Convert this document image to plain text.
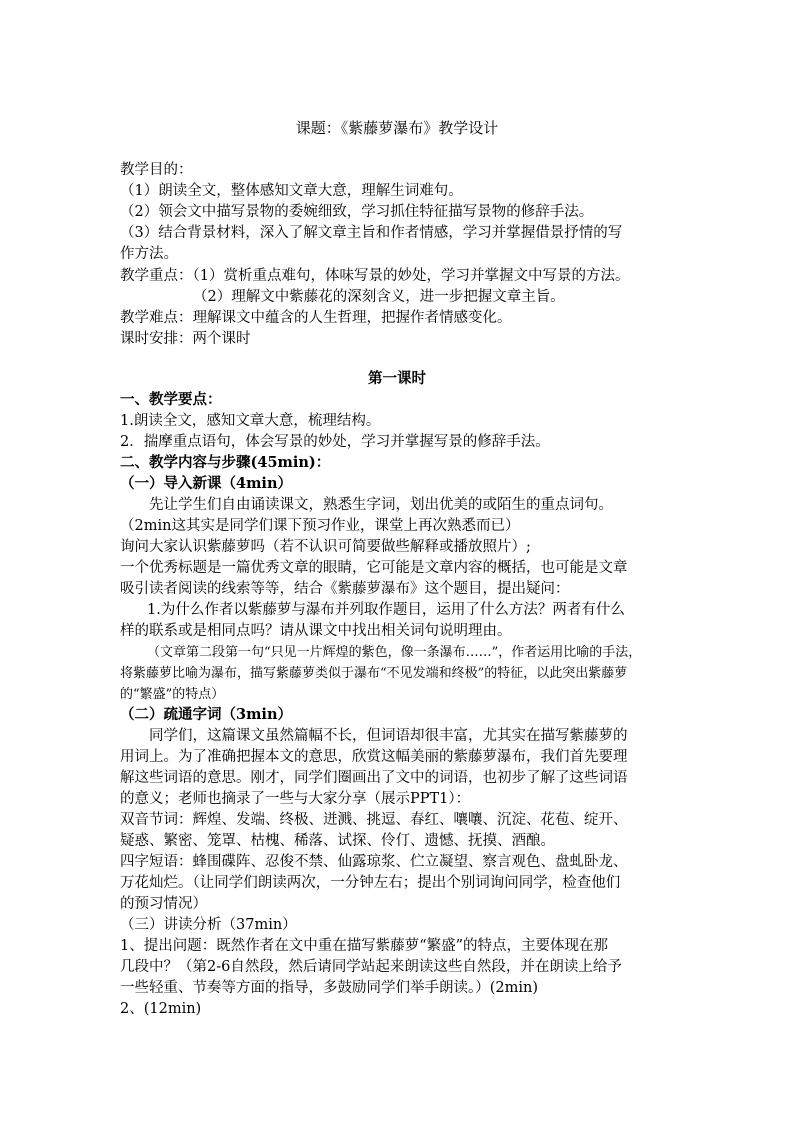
课题：《紫藤萝瀑布》教学设计
教学目的：
（1）朗读全文，整体感知文章大意，理解生词难句。
（2）领会文中描写景物的委婉细致，学习抓住特征描写景物的修辞手法。
（3）结合背景材料，深入了解文章主旨和作者情感，学习并掌握借景抒情的写
作方法。
教学重点：（1）赏析重点难句，体味写景的妙处，学习并掌握文中写景的方法。
（2）理解文中紫藤花的深刻含义，进一步把握文章主旨。
教学难点：理解课文中蕴含的人生哲理，把握作者情感变化。
课时安排：两个课时
第一课时
一、教学要点：
1.朗读全文，感知文章大意，梳理结构。
2．揣摩重点语句，体会写景的妙处，学习并掌握写景的修辞手法。
二、教学内容与步骤(45min)：
（一）导入新课（4min）
先让学生们自由诵读课文，熟悉生字词，划出优美的或陌生的重点词句。
（2min这其实是同学们课下预习作业，课堂上再次熟悉而已）
询问大家认识紫藤萝吗（若不认识可简要做些解释或播放照片）;
一个优秀标题是一篇优秀文章的眼睛，它可能是文章内容的概括，也可能是文章
吸引读者阅读的线索等等，结合《紫藤萝瀑布》这个题目，提出疑问：
1.为什么作者以紫藤萝与瀑布并列取作题目，运用了什么方法？两者有什么
样的联系或是相同点吗？请从课文中找出相关词句说明理由。
（文章第二段第一句“只见一片辉煌的紫色，像一条瀑布……”，作者运用比喻的手法，
将紫藤萝比喻为瀑布，描写紫藤萝类似于瀑布“不见发端和终极”的特征，以此突出紫藤萝
的“繁盛”的特点）
（二）疏通字词（3min）
同学们，这篇课文虽然篇幅不长，但词语却很丰富，尤其实在描写紫藤萝的
用词上。为了准确把握本文的意思，欣赏这幅美丽的紫藤萝瀑布，我们首先要理
解这些词语的意思。刚才，同学们圈画出了文中的词语，也初步了解了这些词语
的意义；老师也摘录了一些与大家分享（展示PPT1）：
双音节词：辉煌、发端、终极、迸溅、挑逗、春红、嚷嚷、沉淀、花苞、绽开、
疑惑、繁密、笼罩、枯槐、稀落、试探、伶仃、遗憾、抚摸、酒酿。
四字短语：蜂围碟阵、忍俊不禁、仙露琼浆、伫立凝望、察言观色、盘虬卧龙、
万花灿烂。（让同学们朗读两次，一分钟左右；提出个别词询问同学，检查他们
的预习情况）
（三）讲读分析（37min）
1、提出问题：既然作者在文中重在描写紫藤萝“繁盛”的特点，主要体现在那
几段中？（第2-6自然段，然后请同学站起来朗读这些自然段，并在朗读上给予
一些轻重、节奏等方面的指导，多鼓励同学们举手朗读。）(2min)
2、(12min)
